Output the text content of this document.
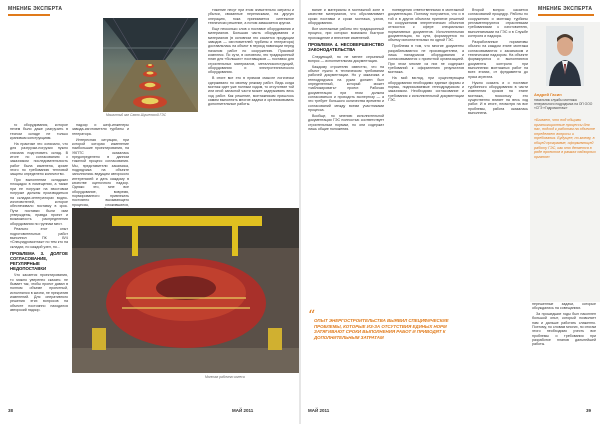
МНЕНИЕ ЭКСПЕРТА
Машинный зал Саяно-Шушенской ГЭС

го оборудования, которое нечем было даже разгрузить в тесном складе не только крановым конструкциям.

На практике это означало, что для разгрузки-погрузки нужно сначала подготовить склад. В итоге по согласованию с заказчиком последовательность работ была изменена, кроме этого по требованию тепловой защиты определено количество.

При выполнении складских площадок в помещении, а также при ее погрузке на хвостовом погрузке должны производиться на складах-интеграторах водно-изготовителей, которое обеспечивало поставку в срок. Пути поставки были ими утверждены, правда проект и возможность распределения оборудования по группам мест.

Реально этот опыт подготовительных работ выполнил ПК В/Ч «Спецгидромонтаж» по тем кто на складах, по каждой узел, по...

ПРОБЛЕМА 3. ДОЛГОЕ СОГЛАСОВАНИЕ, РЕГУЛЯРНЫЕ НЕДОПОСТАВКИ

Что касается проектирования, то можно уверенно сказать: не бывает так, чтобы проект давал в полном объеме проектный, исполнился в жизни, не прекратив изменений. Для оперативного решения этих вопросов на объекте постоянно находился авторский надзор.

надзор и шеф-инженеры завода-изготовителя турбины и генератора.

Интересная ситуация, при которой которая изменение наибольшие проектирования, на УКПТС оказалась предопределено в данном тяжелой процесс согласования. Мы, представители заказчика, подрядчика на объекте заполнились ведущим авторского интеренсией и дать каждому в качестве оценочного надзор. Однако это, мне все оборудование, вовремя, нормированного привлекать постоянно вызывающего процессы, сложившиеся,

тяжение несут при этом значительно затраты и убытки, связанные переписками, на другую операцию, пока принимается синтежное технически решение, а потом замыкается кругом.

Еще несколько слов о поставке оборудования и материалов. Большая часть оборудования и материалов (в основном это касается продукции заводов — изготовителей турбины и генератора) доставлялась на объект в период навигации перед началом работ по сооружению. Пусковой комплекс. По сути, в основном, это традиционный план для «больших» поставщиков — поставок для строительных материалов, металлоконструкций, оборудования и электротехнического оборудования.

В итоге все это в прямом смысле логически сдерживало по своему режиму работ. Ведь когда монтаж идет уже полным ходом, то отсутствие той или иной запасной части может задерживать весь ход работ. Как решение, монтажникам пришлось самим выполнять многие задачи и организовывать дополнительные работы.

Монтаж рабочего колеса
38	МАЙ 2011
МНЕНИЕ ЭКСПЕРТА

вание и материалы в монтажной зоне в качестве материалов, что обуславливает сроки поставки и сроки монтажа, узлов, оборудования.

Все монтажные работы это традиционный процесс, при которых возможно быстрое прохождение и внесение изменений.

ПРОБЛЕМА 4. НЕСОВЕРШЕНСТВО ЗАКОНОДАТЕЛЬСТВА

Следующий, но не менее серьезный вопрос — исполнительная документация.

Каждому строителю известно, что на объект нужно в техническом требовании рабочей документации. Но у заказчика и генподрядчика на руках должен был определенный, который может «заблокировать» проект. Рабочая документация при этом должна согласоваться и проходить экспертизу — а это требует большого количества времени и согласований между всеми участниками процесса.

Вообще, по мнению исполнительной документации ГЭС полностью соответствует строительным нормам, но они содержат лишь общие положения.

ноеведения ответственными в монтажной документации. Поэтому получается, что и в той и в других объектах принятие решений по сооружениям энергетических объектов относится к сфере специальных нормативных документов. Исполнительная документация, по сути, формируется по объему исполнительных по одной ГЭС.

Проблема в том, что многие документы разрабатываются не производителем, а лишь наладчиком оборудования и согласовываются с проектной организацией. При этом многие из них не содержат требований к оформлению результатов монтажа.

На мой взгляд, при существующем оборудовании необходимо единые формы и нормы, подписываемые генподрядчиком и заказчиком. Необходимо согласование и требования к исполнительной документации ГЭС.

Второй вопрос касается согласований процедур. Работы по сооружению и монтажу турбины регламентируются отраслевыми требованиями к изготовителю, выполняемыми на ГЭС и в Службе контроля и надзора.

Разработанные нормативы обычно на каждом этапе монтажа согласовываются с заказчиком и техническим надзором. На объекте формируются и выполняются документы контроля при выполнении монтажных работ на всех этапах, от фундамента до пуска агрегата.

Нужно сказать и о поставке турбинного оборудования в части изменения сроков на этапе монтажа, поскольку это существенно влияет на весь ход работ. И в итоге, несмотря на все проблемы, работа оказалась выполнена.

“
ОПЫТ ЭНЕРГОСТРОИТЕЛЬСТВА ВЫЯВИЛ СПЕЦИФИЧЕСКИЕ ПРОБЛЕМЫ, КОТОРЫЕ ИЗ-ЗА ОТСУТСТВИЯ ЕДИНЫХ НОРМ ЗАТЯГИВАЮТ СРОКИ ВЫПОЛНЕНИЯ РАБОТ И ПРИВОДЯТ К ДОПОЛНИТЕЛЬНЫМ ЗАТРАТАМ

нерешенные задачи, которые обсуждались на совещаниях.

За прошедшие годы был накоплен большой опыт, который позволяет нам и дальше работать слаженно. Поэтому, по словам многих, по итогам этого необходимо учесть все проблемы и требования при разработке планов дальнейшей работы.

МАЙ 2011	39
Андрей Гасин
начальник службы монтажа генерального подрядчика на ОП ООО «СГЭ «Гидромонтаж»
«Бывает, что под общими организационные процессы для нас, подход к работам на объекте определяет вопросы и требования. Будущее, по-моему, в общей программе, оформляющей работу ГЭС, как это делается в ряде проектов в рамках надзорных органов»
